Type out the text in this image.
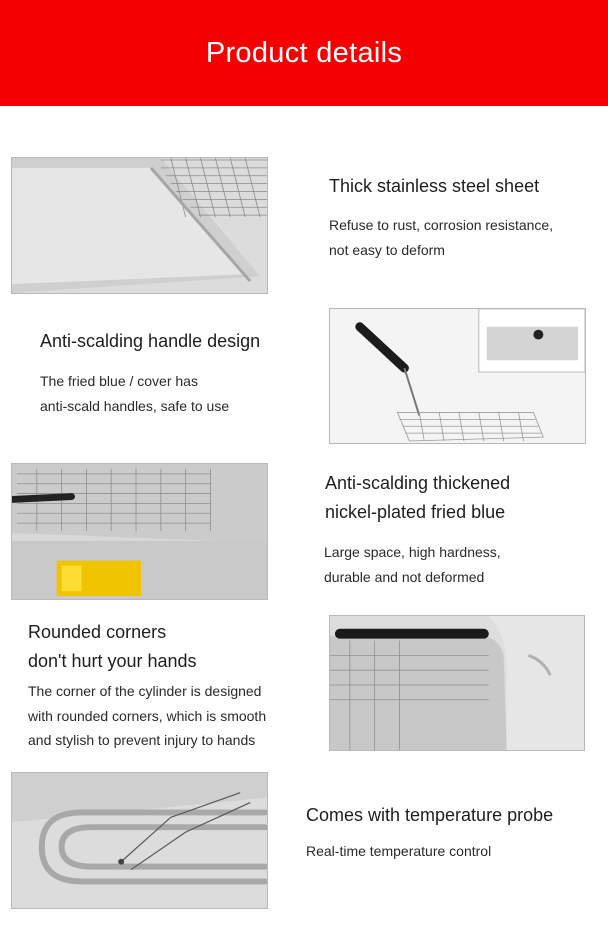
Product details
Thick stainless steel sheet
Refuse to rust, corrosion resistance,
not easy to deform
Anti-scalding handle design
The fried blue / cover has
anti-scald handles, safe to use
Anti-scalding thickened
nickel-plated fried blue
Large space, high hardness,
durable and not deformed
Rounded corners
don't hurt your hands
The corner of the cylinder is designed
with rounded corners, which is smooth
and stylish to prevent injury to hands
Comes with temperature probe
Real-time temperature control
